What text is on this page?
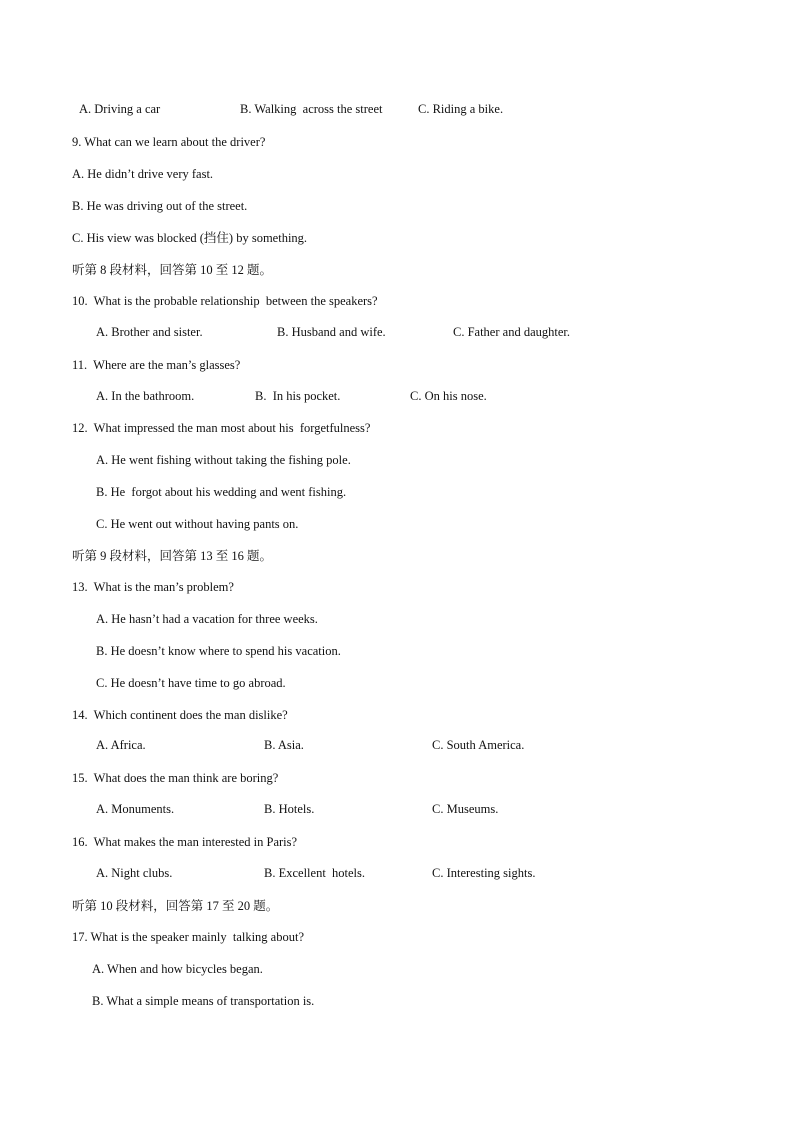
A. Driving a car	B. Walking  across the street	C. Riding a bike.
9. What can we learn about the driver?
A. He didn’t drive very fast.
B. He was driving out of the street.
C. His view was blocked (挡住) by something.
听第 8 段材料，回答第 10 至 12 题。
10.  What is the probable relationship  between the speakers?
A. Brother and sister.	B. Husband and wife.	C. Father and daughter.
11.  Where are the man’s glasses?
A. In the bathroom.	B.  In his pocket.	C. On his nose.
12.  What impressed the man most about his  forgetfulness?
A. He went fishing without taking the fishing pole.
B. He  forgot about his wedding and went fishing.
C. He went out without having pants on.
听第 9 段材料，回答第 13 至 16 题。
13.  What is the man’s problem?
A. He hasn’t had a vacation for three weeks.
B. He doesn’t know where to spend his vacation.
C. He doesn’t have time to go abroad.
14.  Which continent does the man dislike?
A. Africa.	B. Asia.	C. South America.
15.  What does the man think are boring?
A. Monuments.	B. Hotels.	C. Museums.
16.  What makes the man interested in Paris?
A. Night clubs.	B. Excellent  hotels.	C. Interesting sights.
听第 10 段材料，回答第 17 至 20 题。
17. What is the speaker mainly  talking about?
A. When and how bicycles began.
B. What a simple means of transportation is.
